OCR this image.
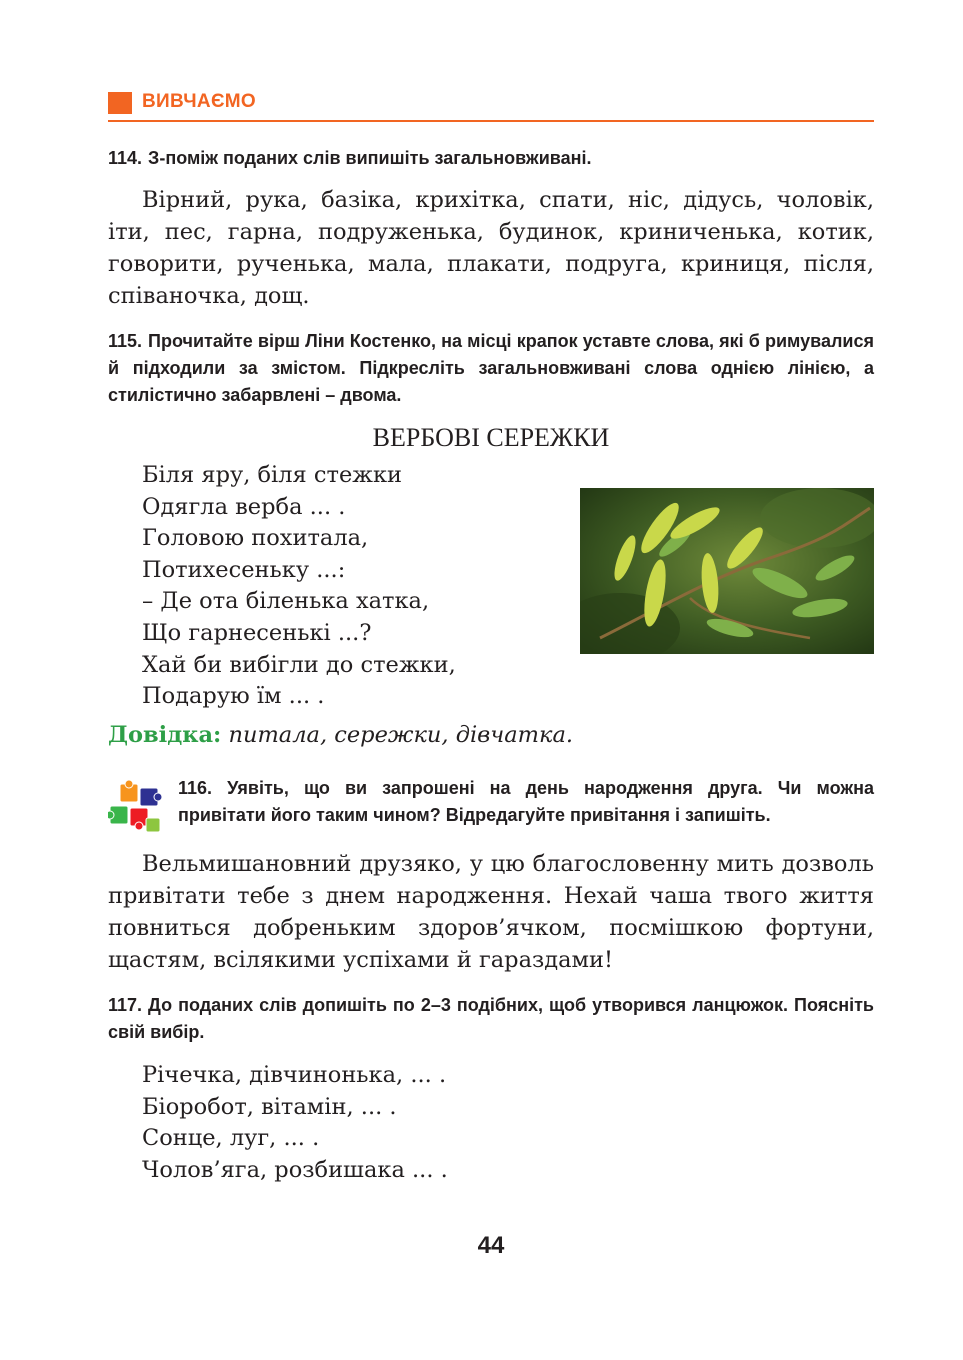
ВИВЧАЄМО
114. З-поміж поданих слів випишіть загальновживані.
Вірний, рука, базіка, крихітка, спати, ніс, дідусь, чоловік, іти, пес, гарна, подруженька, будинок, криниченька, котик, говорити, рученька, мала, плакати, подруга, криниця, після, співаночка, дощ.
115. Прочитайте вірш Ліни Костенко, на місці крапок уставте слова, які б римувалися й підходили за змістом. Підкресліть загальновживані слова однією лінією, а стилістично забарвлені – двома.
ВЕРБОВІ СЕРЕЖКИ
Біля яру, біля стежки
Одягла верба ... .
Головою похитала,
Потихесеньку ...:
– Де ота біленька хатка,
Що гарнесенькі ...?
Хай би вибігли до стежки,
Подарую їм ... .
Довідка: питала, сережки, дівчатка.
116. Уявіть, що ви запрошені на день народження друга. Чи можна
привітати його таким чином? Відредагуйте привітання і запишіть.
Вельмишановний друзяко, у цю благословенну мить дозволь привітати тебе з днем народження. Нехай чаша твого життя повниться добреньким здоров’ячком, посмішкою фортуни, щастям, всілякими успіхами й гараздами!
117. До поданих слів допишіть по 2–3 подібних, щоб утворився ланцюжок. Поясніть свій вибір.
Річечка, дівчинонька, ... .
Біоробот, вітамін, ... .
Сонце, луг, ... .
Чолов’яга, розбишака ... .
44
